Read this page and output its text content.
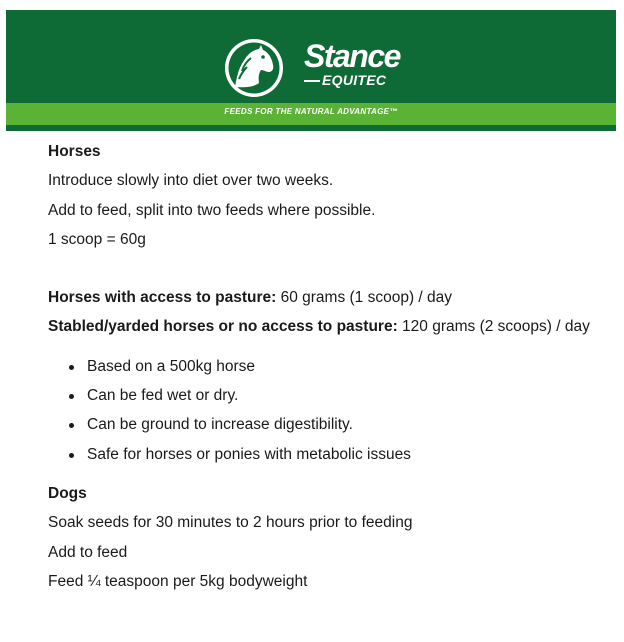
Stance
EQUITEC
FEEDS FOR THE NATURAL ADVANTAGE™
Horses
Introduce slowly into diet over two weeks.
Add to feed, split into two feeds where possible.
1 scoop = 60g
Horses with access to pasture: 60 grams (1 scoop) / day
Stabled/yarded horses or no access to pasture: 120 grams (2 scoops) / day
Based on a 500kg horse
Can be fed wet or dry.
Can be ground to increase digestibility.
Safe for horses or ponies with metabolic issues
Dogs
Soak seeds for 30 minutes to 2 hours prior to feeding
Add to feed
Feed ¼ teaspoon per 5kg bodyweight
